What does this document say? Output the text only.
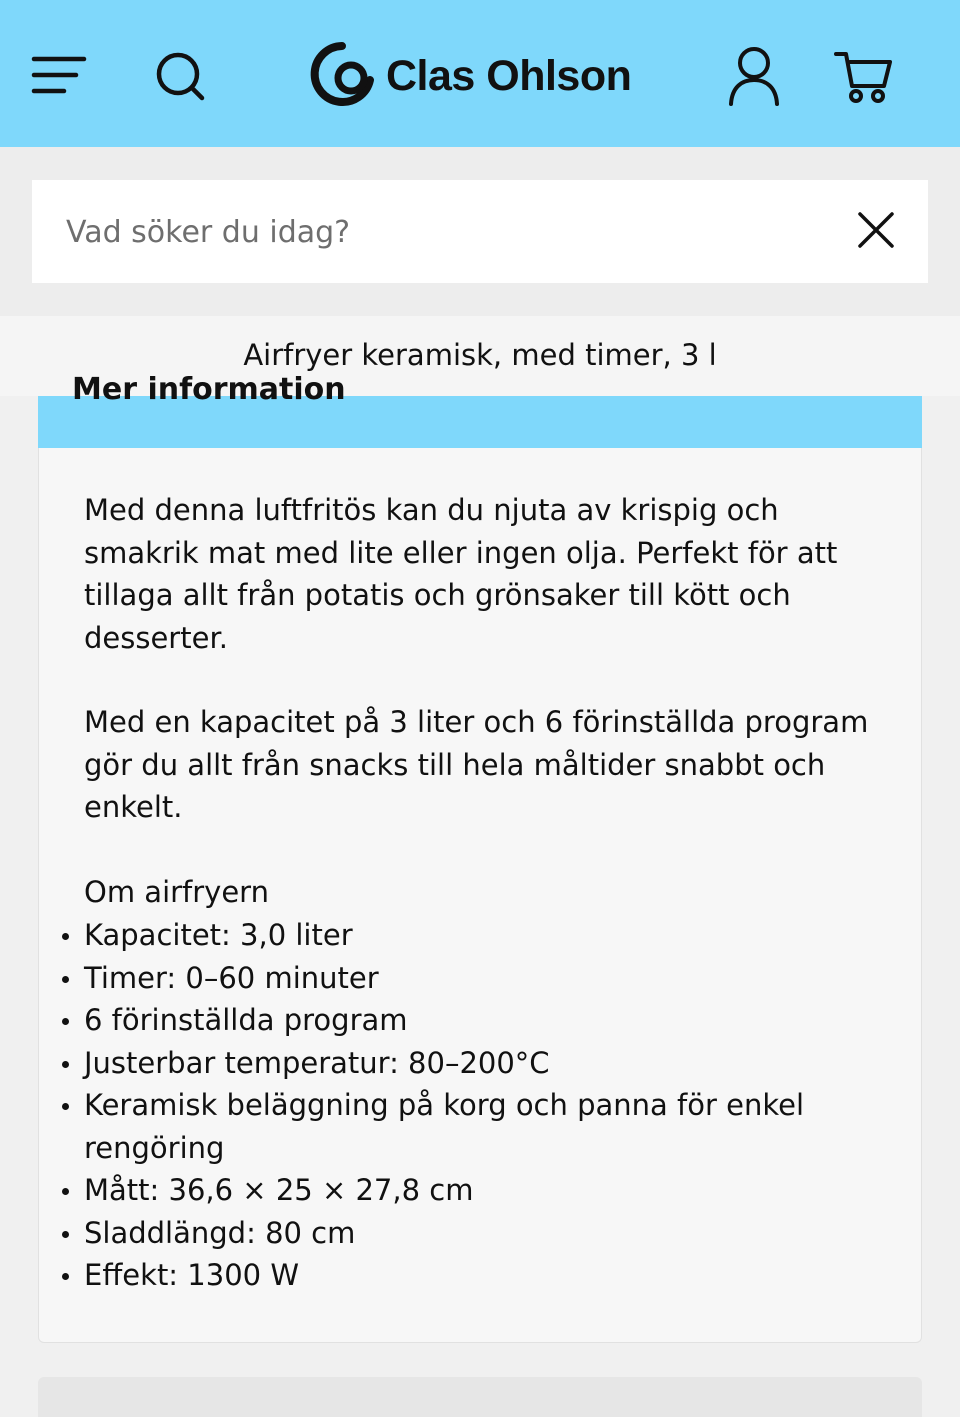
Clas Ohlson
Vad söker du idag?
Airfryer keramisk, med timer, 3 l
Mer information

Med denna luftfritös kan du njuta av krispig och smakrik mat med lite eller ingen olja. Perfekt för att tillaga allt från potatis och grönsaker till kött och desserter.

Med en kapacitet på 3 liter och 6 förinställda program gör du allt från snacks till hela måltider snabbt och enkelt.

Om airfryern

Kapacitet: 3,0 liter
Timer: 0–60 minuter
6 förinställda program
Justerbar temperatur: 80–200°C
Keramisk beläggning på korg och panna för enkel rengöring
Mått: 36,6 × 25 × 27,8 cm
Sladdlängd: 80 cm
Effekt: 1300 W
